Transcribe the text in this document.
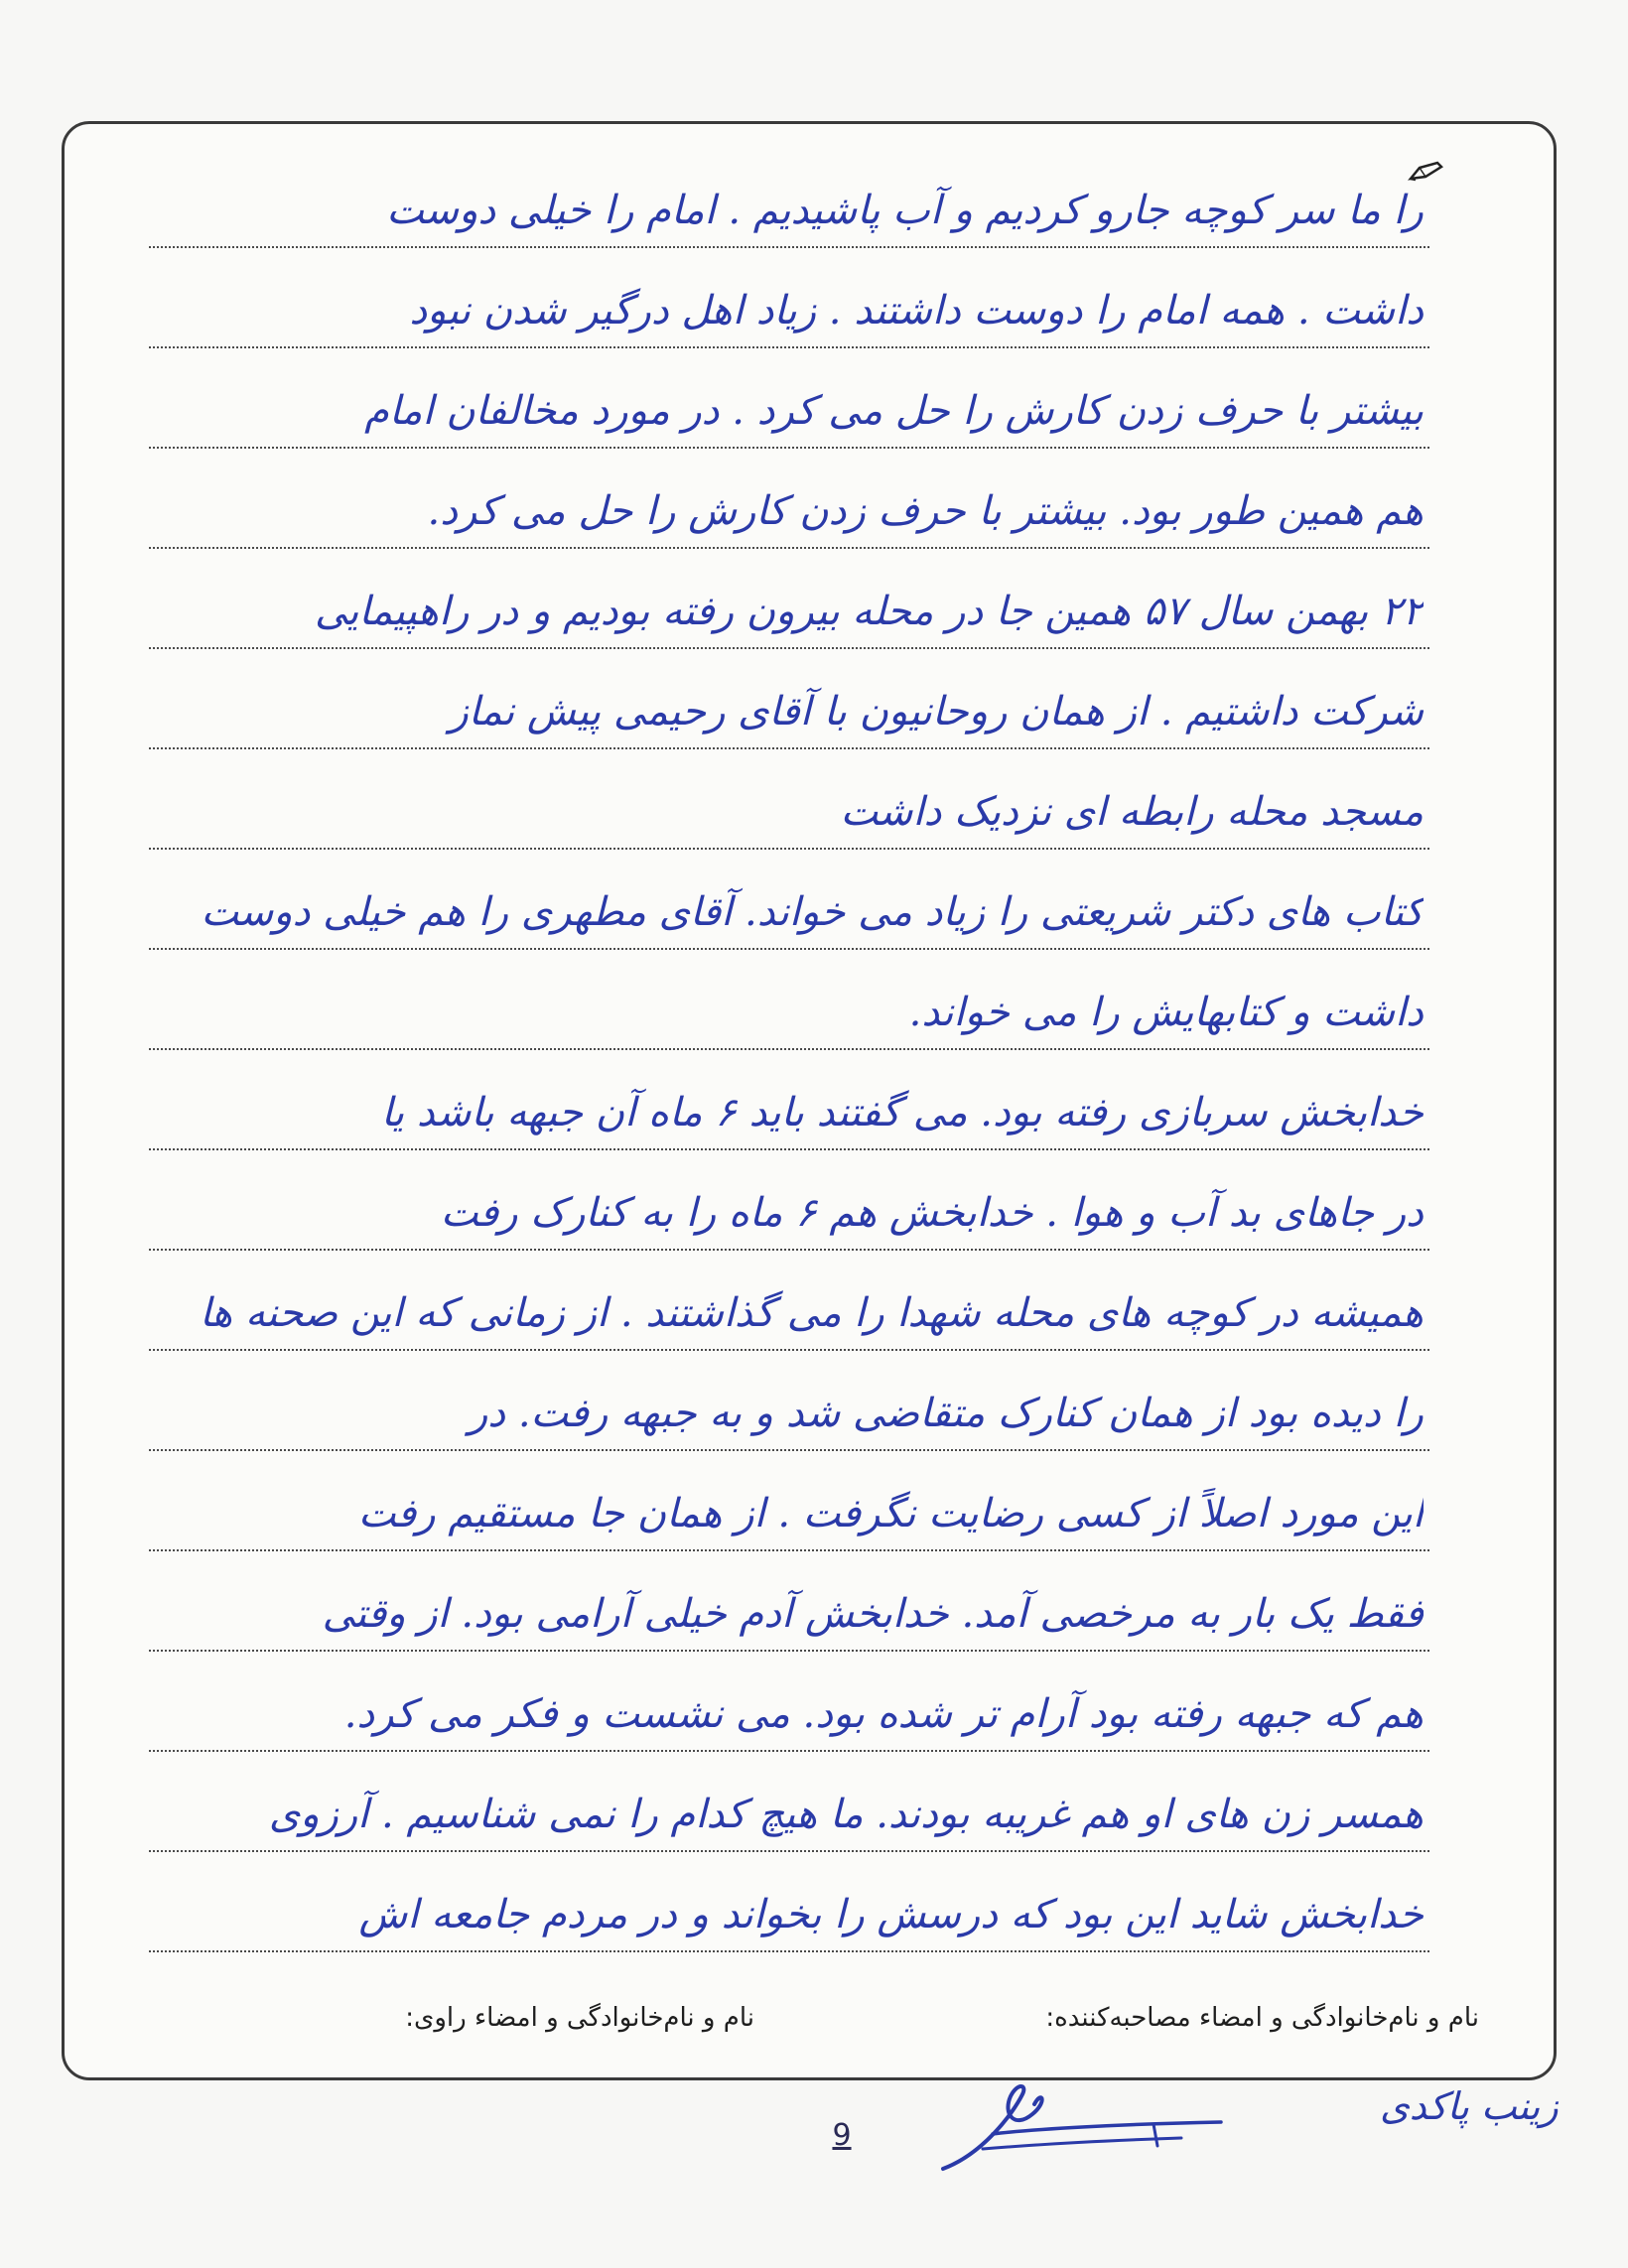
را ما سر کوچه جارو کردیم و آب پاشیدیم . امام را خیلی دوست
داشت . همه امام را دوست داشتند . زیاد اهل درگیر شدن نبود
بیشتر با حرف زدن کارش را حل می کرد . در مورد مخالفان امام
هم همین طور بود. بیشتر با حرف زدن کارش را حل می کرد.
۲۲ بهمن سال ۵۷ همین جا در محله بیرون رفته بودیم و در راهپیمایی
شرکت داشتیم . از همان روحانیون با آقای رحیمی پیش نماز
مسجد محله رابطه ای نزدیک داشت
کتاب های دکتر شریعتی را زیاد می خواند. آقای مطهری را هم خیلی دوست
داشت و کتابهایش را می خواند.
خدابخش سربازی رفته بود. می گفتند باید ۶ ماه آن جبهه باشد یا
در جاهای بد آب و هوا . خدابخش هم ۶ ماه را به کنارک رفت
همیشه در کوچه های محله شهدا را می گذاشتند . از زمانی که این صحنه ها
را دیده بود از همان کنارک متقاضی شد و به جبهه رفت. در
این مورد اصلاً از کسی رضایت نگرفت . از همان جا مستقیم رفت
فقط یک بار به مرخصی آمد. خدابخش آدم خیلی آرامی بود. از وقتی
هم که جبهه رفته بود آرام تر شده بود. می نشست و فکر می کرد.
همسر زن های او هم غریبه بودند. ما هیچ کدام را نمی شناسیم . آرزوی
خدابخش شاید این بود که درسش را بخواند و در مردم جامعه اش
نام و نام‌خانوادگی و امضاء مصاحبه‌کننده:
نام و نام‌خانوادگی و امضاء راوی:
9
زینب پاکدی
